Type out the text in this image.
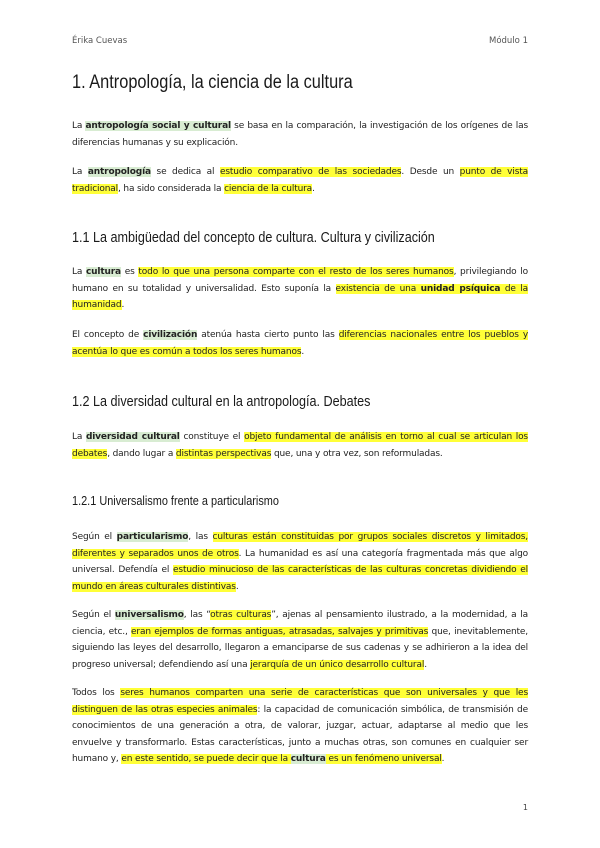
Érika Cuevas	Módulo 1
1. Antropología, la ciencia de la cultura

La antropología social y cultural se basa en la comparación, la investigación de los orígenes de las diferencias humanas y su explicación.

La antropología se dedica al estudio comparativo de las sociedades. Desde un punto de vista tradicional, ha sido considerada la ciencia de la cultura.

1.1 La ambigüedad del concepto de cultura. Cultura y civilización

La cultura es todo lo que una persona comparte con el resto de los seres humanos, privilegiando lo humano en su totalidad y universalidad. Esto suponía la existencia de una unidad psíquica de la humanidad.

El concepto de civilización atenúa hasta cierto punto las diferencias nacionales entre los pueblos y acentúa lo que es común a todos los seres humanos.

1.2 La diversidad cultural en la antropología. Debates

La diversidad cultural constituye el objeto fundamental de análisis en torno al cual se articulan los debates, dando lugar a distintas perspectivas que, una y otra vez, son reformuladas.

1.2.1 Universalismo frente a particularismo

Según el particularismo, las culturas están constituidas por grupos sociales discretos y limitados, diferentes y separados unos de otros. La humanidad es así una categoría fragmentada más que algo universal. Defendía el estudio minucioso de las características de las culturas concretas dividiendo el mundo en áreas culturales distintivas.

Según el universalismo, las “otras culturas”, ajenas al pensamiento ilustrado, a la modernidad, a la ciencia, etc., eran ejemplos de formas antiguas, atrasadas, salvajes y primitivas que, inevitablemente, siguiendo las leyes del desarrollo, llegaron a emanciparse de sus cadenas y se adhirieron a la idea del progreso universal; defendiendo así una jerarquía de un único desarrollo cultural.

Todos los seres humanos comparten una serie de características que son universales y que les distinguen de las otras especies animales: la capacidad de comunicación simbólica, de transmisión de conocimientos de una generación a otra, de valorar, juzgar, actuar, adaptarse al medio que les envuelve y transformarlo. Estas características, junto a muchas otras, son comunes en cualquier ser humano y, en este sentido, se puede decir que la cultura es un fenómeno universal.

1
